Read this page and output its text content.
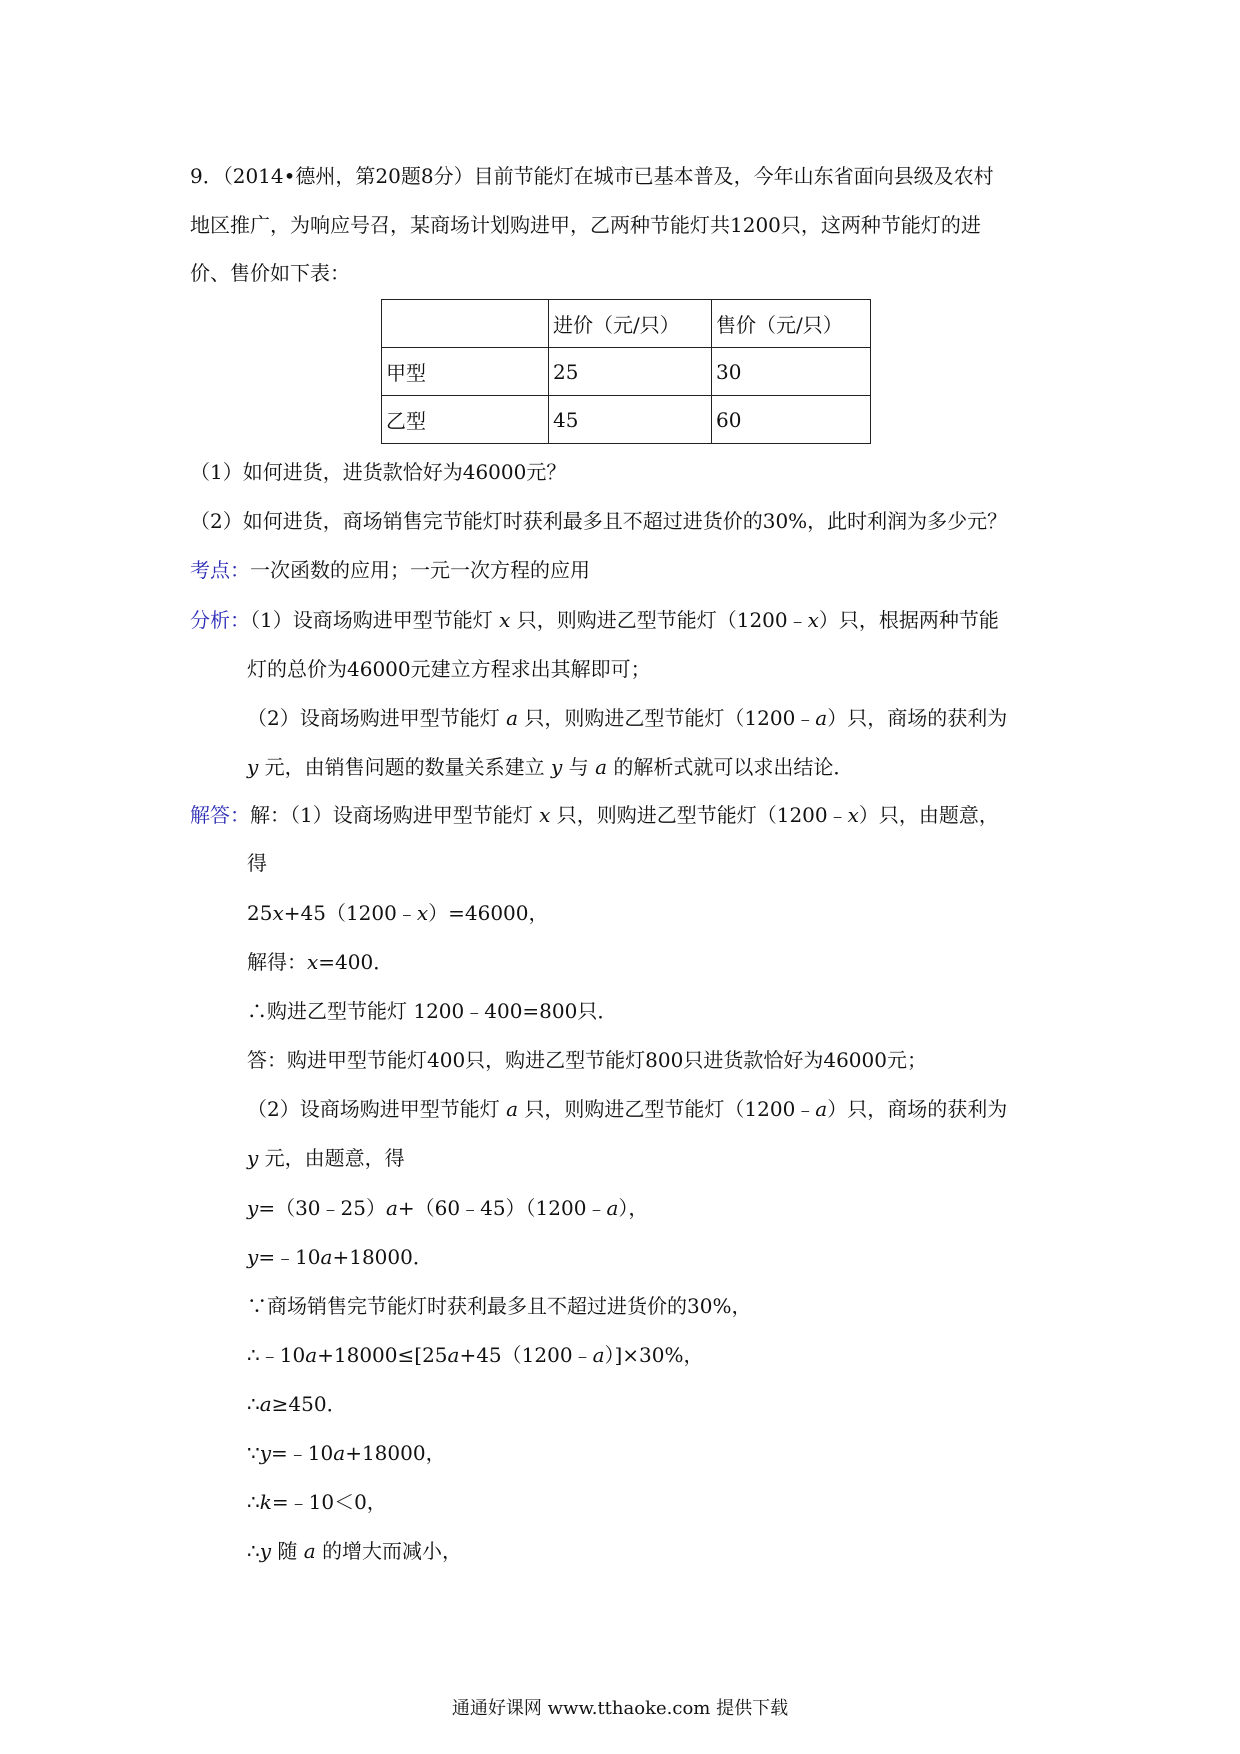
9．（2014•德州，第20题8分）目前节能灯在城市已基本普及，今年山东省面向县级及农村
地区推广，为响应号召，某商场计划购进甲，乙两种节能灯共1200只，这两种节能灯的进
价、售价如下表：
	进价（元/只）	售价（元/只）
甲型	25	30
乙型	45	60
（1）如何进货，进货款恰好为46000元？
（2）如何进货，商场销售完节能灯时获利最多且不超过进货价的30%，此时利润为多少元？
考点：一次函数的应用；一元一次方程的应用
分析：（1）设商场购进甲型节能灯 x 只，则购进乙型节能灯（1200﹣x）只，根据两种节能
灯的总价为46000元建立方程求出其解即可；
（2）设商场购进甲型节能灯 a 只，则购进乙型节能灯（1200﹣a）只，商场的获利为
y 元，由销售问题的数量关系建立 y 与 a 的解析式就可以求出结论．
解答：解：（1）设商场购进甲型节能灯 x 只，则购进乙型节能灯（1200﹣x）只，由题意，
得
25x+45（1200﹣x）=46000，
解得：x=400．
∴购进乙型节能灯 1200﹣400=800只．
答：购进甲型节能灯400只，购进乙型节能灯800只进货款恰好为46000元；
（2）设商场购进甲型节能灯 a 只，则购进乙型节能灯（1200﹣a）只，商场的获利为
y 元，由题意，得
y=（30﹣25）a+（60﹣45）（1200﹣a），
y=﹣10a+18000．
∵商场销售完节能灯时获利最多且不超过进货价的30%，
∴﹣10a+18000≤[25a+45（1200﹣a）]×30%，
∴a≥450．
∵y=﹣10a+18000，
∴k=﹣10＜0，
∴y 随 a 的增大而减小，
通通好课网 www.tthaoke.com 提供下载
